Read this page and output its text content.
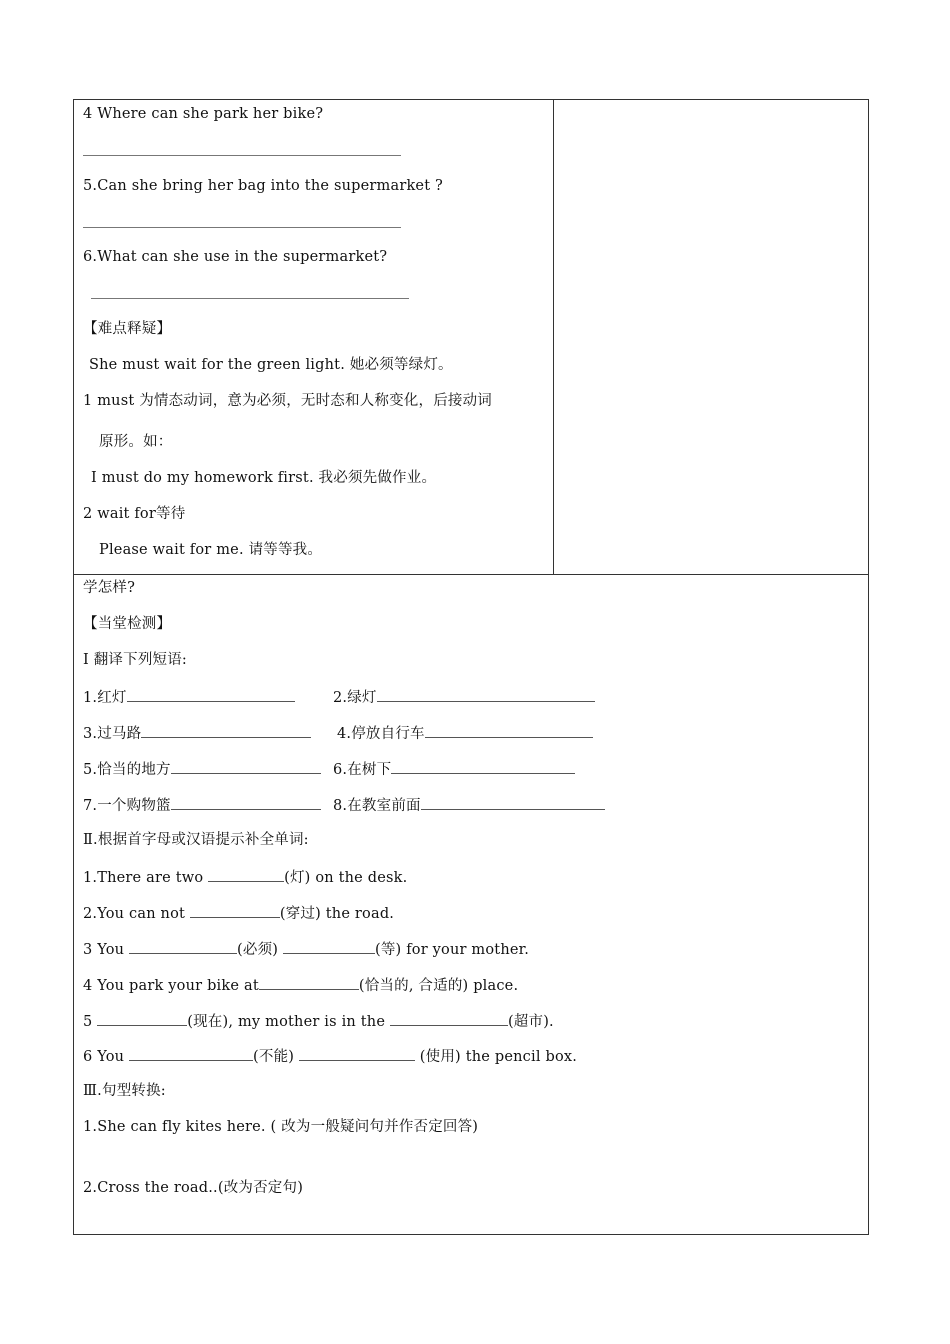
4 Where can she park her bike?
5.Can she bring her bag into the supermarket ?
6.What can she use in the supermarket?
【难点释疑】
She must wait for the green light. 她必须等绿灯。
1 must 为情态动词，意为必须，无时态和人称变化，后接动词
原形。如：
I must do my homework first. 我必须先做作业。
2 wait for等待
Please wait for me. 请等等我。
学怎样?
【当堂检测】
Ⅰ 翻译下列短语:
1.红灯	2.绿灯
3.过马路	4.停放自行车
5.恰当的地方	6.在树下
7.一个购物篮	8.在教室前面
Ⅱ.根据首字母或汉语提示补全单词:
1.There are two	(灯) on the desk.
2.You can not	(穿过) the road.
3 You	(必须)	(等) for your mother.
4 You park your bike at	(恰当的, 合适的) place.
5	(现在), my mother is in the	(超市).
6 You	(不能)	(使用) the pencil box.
Ⅲ.句型转换:
1.She can fly kites here. ( 改为一般疑问句并作否定回答)
2.Cross the road..(改为否定句)
